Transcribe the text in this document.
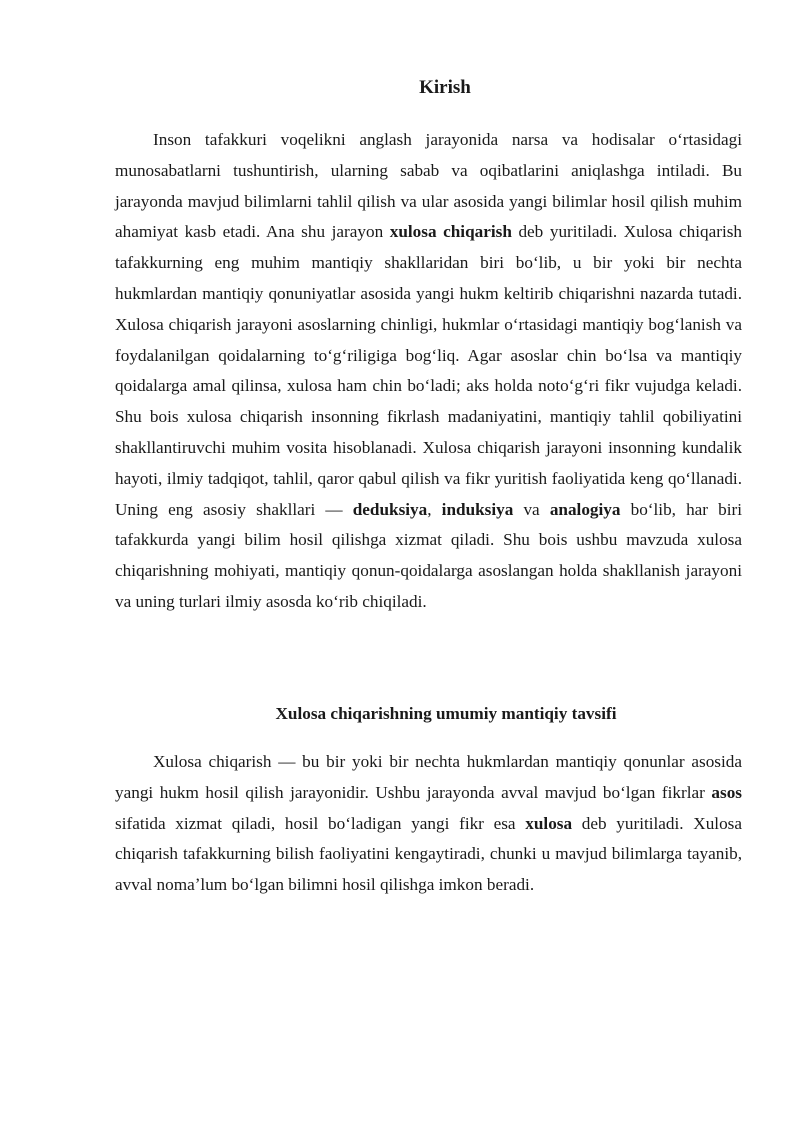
Kirish

Inson tafakkuri voqelikni anglash jarayonida narsa va hodisalar oʻrtasidagi munosabatlarni tushuntirish, ularning sabab va oqibatlarini aniqlashga intiladi. Bu jarayonda mavjud bilimlarni tahlil qilish va ular asosida yangi bilimlar hosil qilish muhim ahamiyat kasb etadi. Ana shu jarayon xulosa chiqarish deb yuritiladi. Xulosa chiqarish tafakkurning eng muhim mantiqiy shakllaridan biri boʻlib, u bir yoki bir nechta hukmlardan mantiqiy qonuniyatlar asosida yangi hukm keltirib chiqarishni nazarda tutadi. Xulosa chiqarish jarayoni asoslarning chinligi, hukmlar oʻrtasidagi mantiqiy bogʻlanish va foydalanilgan qoidalarning toʻgʻriligiga bogʻliq. Agar asoslar chin boʻlsa va mantiqiy qoidalarga amal qilinsa, xulosa ham chin boʻladi; aks holda notoʻgʻri fikr vujudga keladi. Shu bois xulosa chiqarish insonning fikrlash madaniyatini, mantiqiy tahlil qobiliyatini shakllantiruvchi muhim vosita hisoblanadi. Xulosa chiqarish jarayoni insonning kundalik hayoti, ilmiy tadqiqot, tahlil, qaror qabul qilish va fikr yuritish faoliyatida keng qoʻllanadi. Uning eng asosiy shakllari — deduksiya, induksiya va analogiya boʻlib, har biri tafakkurda yangi bilim hosil qilishga xizmat qiladi. Shu bois ushbu mavzuda xulosa chiqarishning mohiyati, mantiqiy qonun-qoidalarga asoslangan holda shakllanish jarayoni va uning turlari ilmiy asosda koʻrib chiqiladi.

Xulosa chiqarishning umumiy mantiqiy tavsifi

Xulosa chiqarish — bu bir yoki bir nechta hukmlardan mantiqiy qonunlar asosida yangi hukm hosil qilish jarayonidir. Ushbu jarayonda avval mavjud boʻlgan fikrlar asos sifatida xizmat qiladi, hosil boʻladigan yangi fikr esa xulosa deb yuritiladi. Xulosa chiqarish tafakkurning bilish faoliyatini kengaytiradi, chunki u mavjud bilimlarga tayanib, avval nomaʼlum boʻlgan bilimni hosil qilishga imkon beradi.
